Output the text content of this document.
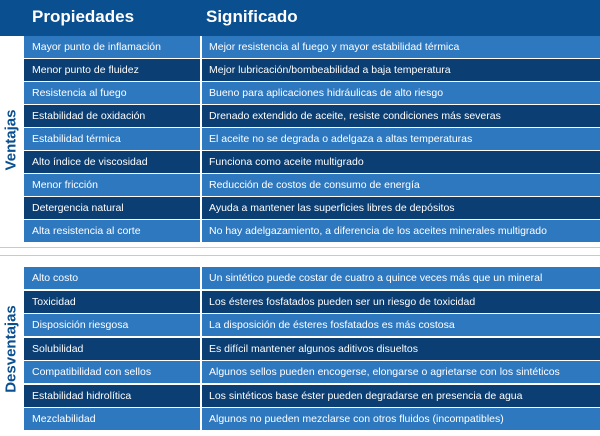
Propiedades	Significado
Ventajas
Desventajas
Mayor punto de inflamación	Mejor resistencia al fuego y mayor estabilidad térmica
Menor punto de fluidez	Mejor lubricación/bombeabilidad a baja temperatura
Resistencia al fuego	Bueno para aplicaciones hidráulicas de alto riesgo
Estabilidad de oxidación	Drenado extendido de aceite, resiste condiciones más severas
Estabilidad térmica	El aceite no se degrada o adelgaza a altas temperaturas
Alto índice de viscosidad	Funciona como aceite multigrado
Menor fricción	Reducción de costos de consumo de energía
Detergencia natural	Ayuda a mantener las superficies libres de depósitos
Alta resistencia al corte	No hay adelgazamiento, a diferencia de los aceites minerales multigrado
Alto costo	Un sintético puede costar de cuatro a quince veces más que un mineral
Toxicidad	Los ésteres fosfatados pueden ser un riesgo de toxicidad
Disposición riesgosa	La disposición de ésteres fosfatados es más costosa
Solubilidad	Es difícil mantener algunos aditivos disueltos
Compatibilidad con sellos	Algunos sellos pueden encogerse, elongarse o agrietarse con los sintéticos
Estabilidad hidrolítica	Los sintéticos base éster pueden degradarse en presencia de agua
Mezclabilidad	Algunos no pueden mezclarse con otros fluidos (incompatibles)
